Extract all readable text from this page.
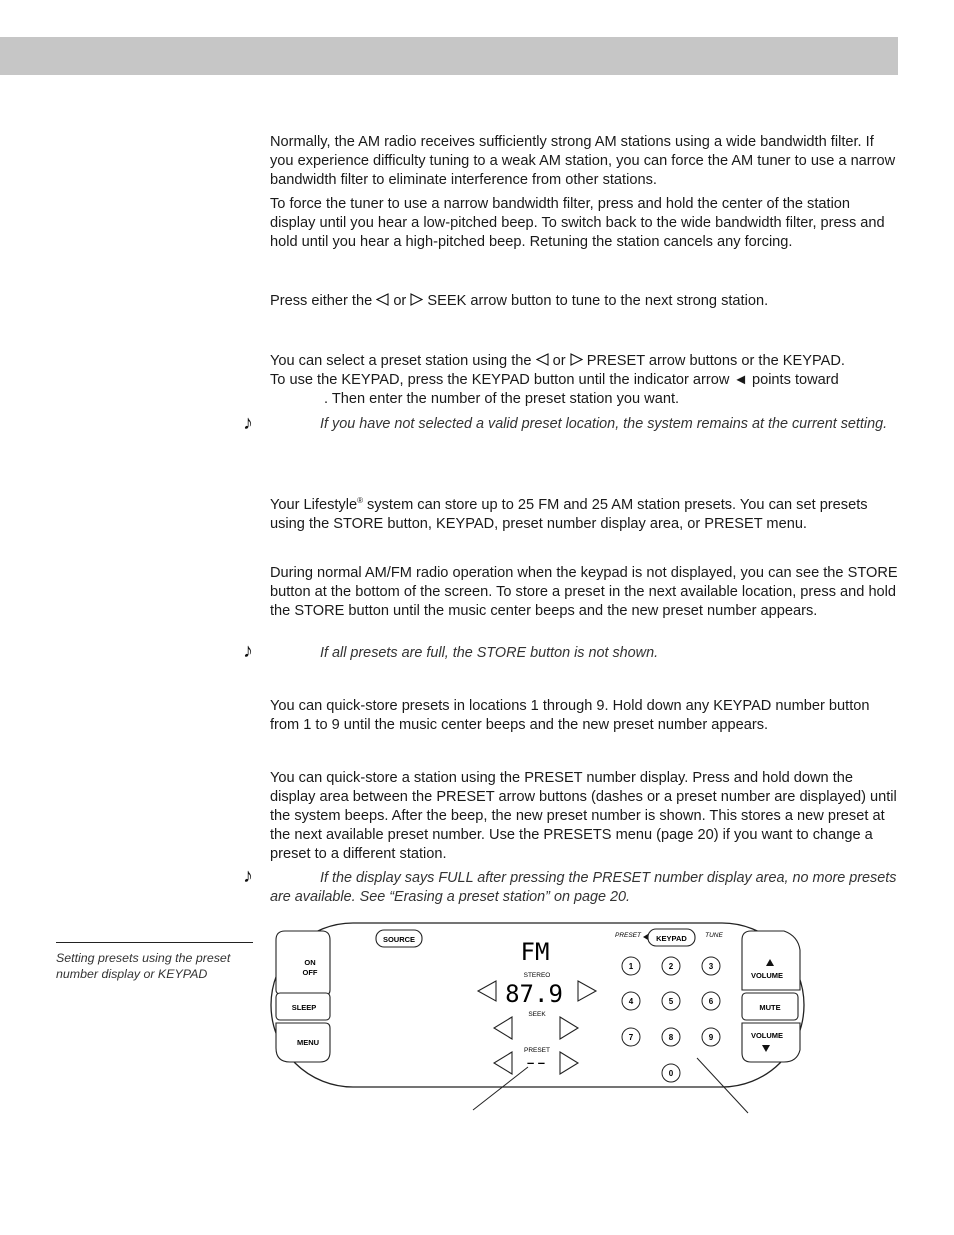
Normally, the AM radio receives sufficiently strong AM stations using a wide bandwidth filter. If you experience difficulty tuning to a weak AM station, you can force the AM tuner to use a narrow bandwidth filter to eliminate interference from other stations.

To force the tuner to use a narrow bandwidth filter, press and hold the center of the station display until you hear a low-pitched beep. To switch back to the wide bandwidth filter, press and hold until you hear a high-pitched beep. Retuning the station cancels any forcing.

Press either the  or  SEEK arrow button to tune to the next strong station.

You can select a preset station using the  or  PRESET arrow buttons or the KEYPAD.
To use the KEYPAD, press the KEYPAD button until the indicator arrow ◄ points toward
. Then enter the number of the preset station you want.

♪	If you have not selected a valid preset location, the system remains at the current setting.

Your Lifestyle® system can store up to 25 FM and 25 AM station presets. You can set presets using the STORE button, KEYPAD, preset number display area, or PRESET menu.

During normal AM/FM radio operation when the keypad is not displayed, you can see the STORE button at the bottom of the screen. To store a preset in the next available location, press and hold the STORE button until the music center beeps and the new preset number appears.

♪	If all presets are full, the STORE button is not shown.

You can quick-store presets in locations 1 through 9. Hold down any KEYPAD number button from 1 to 9 until the music center beeps and the new preset number appears.

You can quick-store a station using the PRESET number display. Press and hold down the display area between the PRESET arrow buttons (dashes or a preset number are displayed) until the system beeps. After the beep, the new preset number is shown. This stores a new preset at the next available preset number. Use the PRESETS menu (page 20) if you want to change a preset to a different station.

♪	If the display says FULL after pressing the PRESET number display area, no more presets are available. See “Erasing a preset station” on page 20.

Setting presets using the preset number display or KEYPAD
ON
OFF
SLEEP
MENU
SOURCE	FM
STEREO
87.9
SEEK
PRESET
– –
PRESET KEYPAD	TUNE
1	2	3
4	5	6
7	8	9
0
VOLUME
MUTE
VOLUME
